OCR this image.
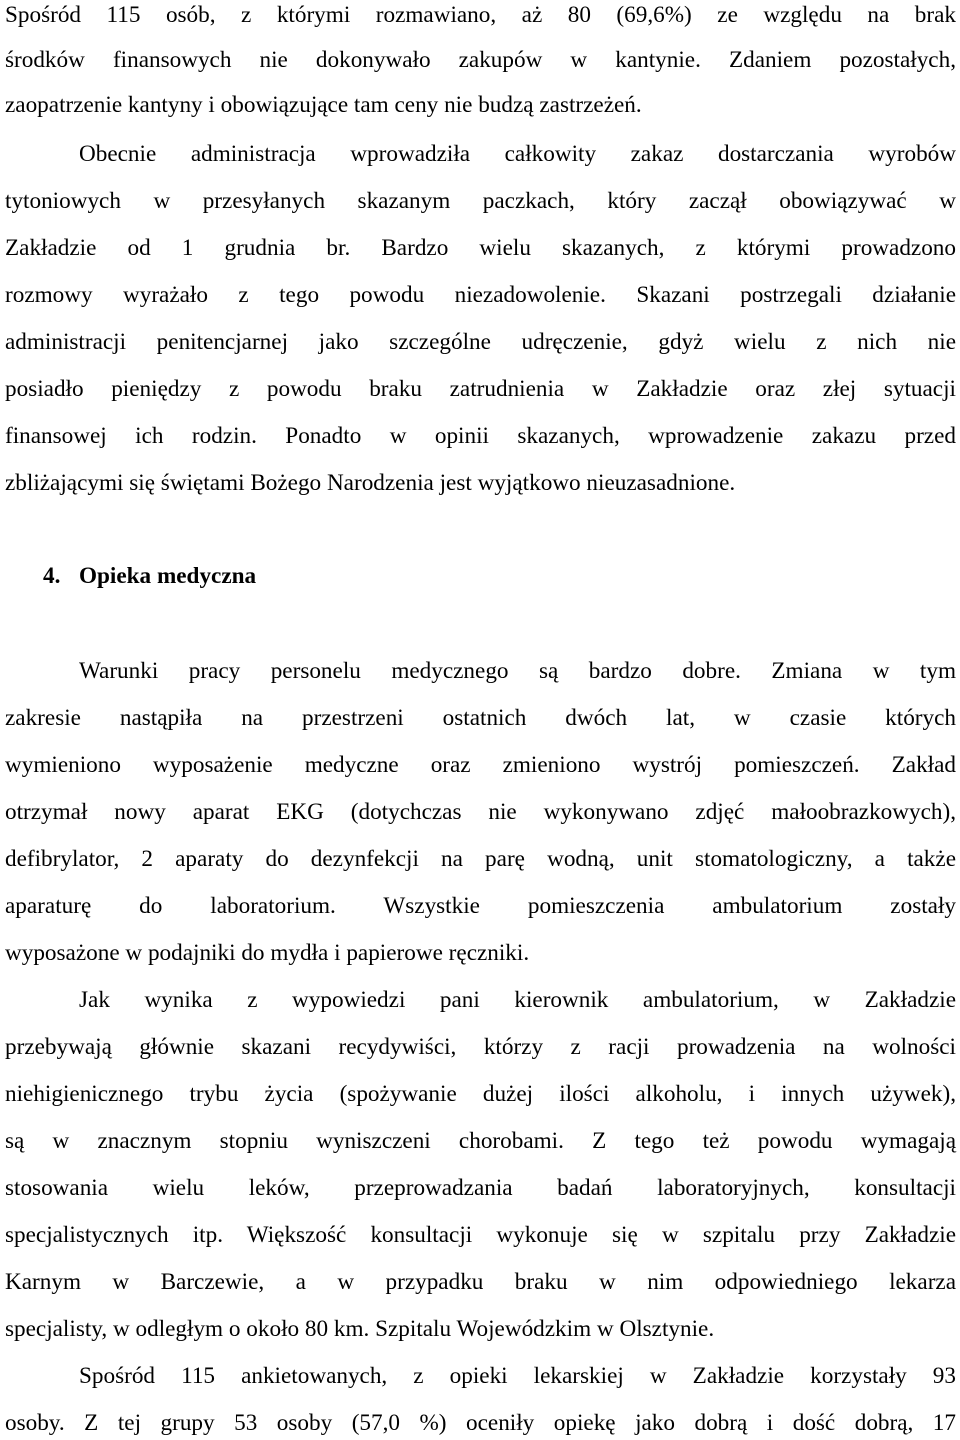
Spośród 115 osób, z którymi rozmawiano, aż 80 (69,6%) ze względu na brak
środków finansowych nie dokonywało zakupów w kantynie. Zdaniem pozostałych,
zaopatrzenie kantyny i obowiązujące tam ceny nie budzą zastrzeżeń.
Obecnie administracja wprowadziła całkowity zakaz dostarczania wyrobów
tytoniowych w przesyłanych skazanym paczkach, który zaczął obowiązywać w
Zakładzie od 1 grudnia br. Bardzo wielu skazanych, z którymi prowadzono
rozmowy wyrażało z tego powodu niezadowolenie. Skazani postrzegali działanie
administracji penitencjarnej jako szczególne udręczenie, gdyż wielu z nich nie
posiadło pieniędzy z powodu braku zatrudnienia w Zakładzie oraz złej sytuacji
finansowej ich rodzin. Ponadto w opinii skazanych, wprowadzenie zakazu przed
zbliżającymi się świętami Bożego Narodzenia jest wyjątkowo nieuzasadnione.
4. Opieka medyczna
Warunki pracy personelu medycznego są bardzo dobre. Zmiana w tym
zakresie nastąpiła na przestrzeni ostatnich dwóch lat, w czasie których
wymieniono wyposażenie medyczne oraz zmieniono wystrój pomieszczeń. Zakład
otrzymał nowy aparat EKG (dotychczas nie wykonywano zdjęć małoobrazkowych),
defibrylator, 2 aparaty do dezynfekcji na parę wodną, unit stomatologiczny, a także
aparaturę do laboratorium. Wszystkie pomieszczenia ambulatorium zostały
wyposażone w podajniki do mydła i papierowe ręczniki.
Jak wynika z wypowiedzi pani kierownik ambulatorium, w Zakładzie
przebywają głównie skazani recydywiści, którzy z racji prowadzenia na wolności
niehigienicznego trybu życia (spożywanie dużej ilości alkoholu, i innych używek),
są w znacznym stopniu wyniszczeni chorobami. Z tego też powodu wymagają
stosowania wielu leków, przeprowadzania badań laboratoryjnych, konsultacji
specjalistycznych itp. Większość konsultacji wykonuje się w szpitalu przy Zakładzie
Karnym w Barczewie, a w przypadku braku w nim odpowiedniego lekarza
specjalisty, w odległym o około 80 km. Szpitalu Wojewódzkim w Olsztynie.
Spośród 115 ankietowanych, z opieki lekarskiej w Zakładzie korzystały 93
osoby. Z tej grupy 53 osoby (57,0 %) oceniły opiekę jako dobrą i dość dobrą, 17
